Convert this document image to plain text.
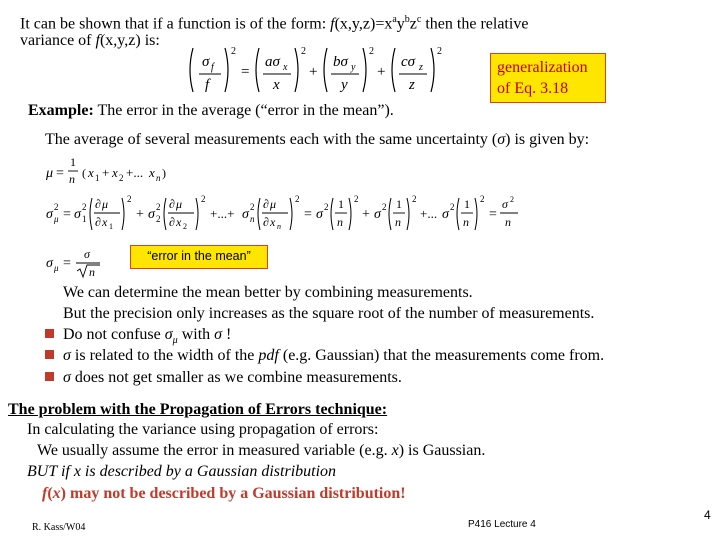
It can be shown that if a function is of the form: $f(x,y,z)=x^ay^bz^c$ then the relative
variance of f(x,y,z) is:
σ f
f
2
=
aσ x
x
2
+
bσ y
y
2
+
cσ z
z
2
generalization
of Eq. 3.18
Example: The error in the average (“error in the mean”).
The average of several measurements each with the same uncertainty (σ) is given by:
μ =
1
n ( x 1 + x 2 +... x n )
σ 2
μ = σ 2
1
∂ μ
∂ x 1
2
+ σ 2
2
∂ μ
∂ x 2
2
+...+ σ 2
n
∂ μ
∂ x n
2
= σ 2 1
n
2
+ σ 2 1
n
2
+... σ 2 1
n
2
=
σ 2
n
σ μ =
σ
n
“error in the mean”
We can determine the mean better by combining measurements.
But the precision only increases as the square root of the number of measurements.
Do not confuse $\sigma_\mu$ with σ !
σ is related to the width of the pdf (e.g. Gaussian) that the measurements come from.
σ does not get smaller as we combine measurements.
The problem with the Propagation of Errors technique:
In calculating the variance using propagation of errors:
We usually assume the error in measured variable (e.g. x) is Gaussian.
BUT if x is described by a Gaussian distribution
f(x) may not be described by a Gaussian distribution!
R. Kass/W04	P416 Lecture 4
4
